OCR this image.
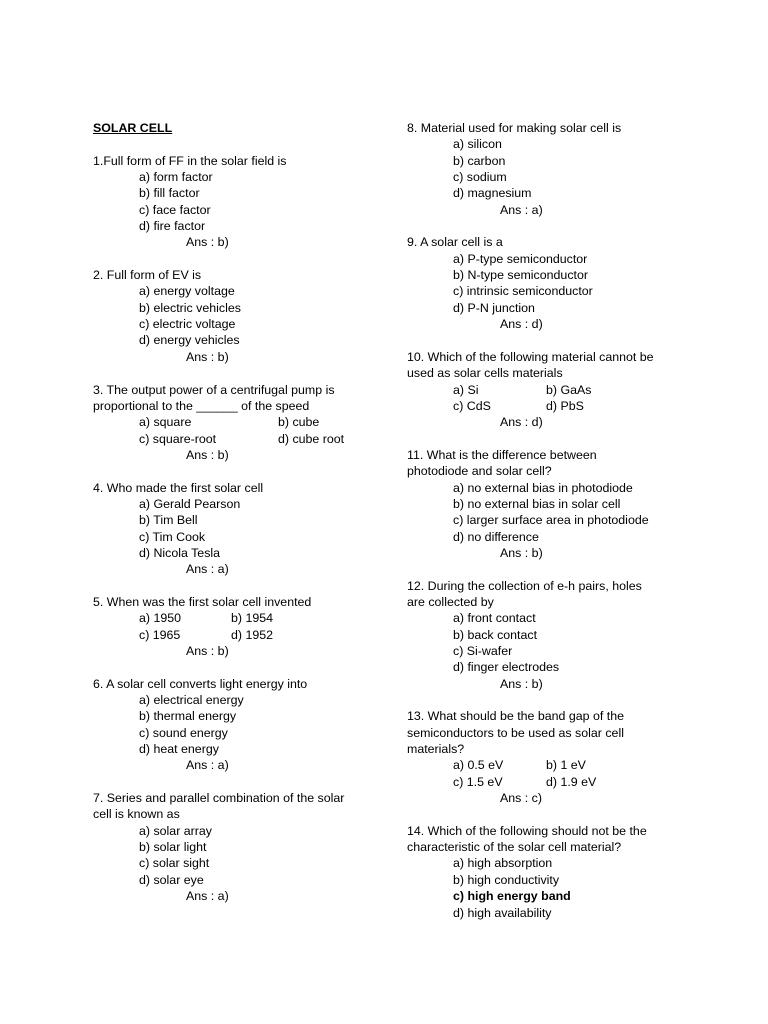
SOLAR CELL
1.Full form of FF in the solar field is
a) form factor
b) fill factor
c) face factor
d) fire factor
Ans : b)
2. Full form of EV is
a) energy voltage
b) electric vehicles
c) electric voltage
d) energy vehicles
Ans : b)
3. The output power of a centrifugal pump is
proportional to the ______ of the speed
a) square	b) cube
c) square-root	d) cube root
Ans : b)
4. Who made the first solar cell
a) Gerald Pearson
b) Tim Bell
c) Tim Cook
d) Nicola Tesla
Ans : a)
5. When was the first solar cell invented
a) 1950	b) 1954
c) 1965	d) 1952
Ans : b)
6. A solar cell converts light energy into
a) electrical energy
b) thermal energy
c) sound energy
d) heat energy
Ans : a)
7. Series and parallel combination of the solar
cell is known as
a) solar array
b) solar light
c) solar sight
d) solar eye
Ans : a)
8. Material used for making solar cell is
a) silicon
b) carbon
c) sodium
d) magnesium
Ans : a)
9. A solar cell is a
a) P-type semiconductor
b) N-type semiconductor
c) intrinsic semiconductor
d) P-N junction
Ans : d)
10. Which of the following material cannot be
used as solar cells materials
a) Si	b) GaAs
c) CdS	d) PbS
Ans : d)
11. What is the difference between
photodiode and solar cell?
a) no external bias in photodiode
b) no external bias in solar cell
c) larger surface area in photodiode
d) no difference
Ans : b)
12. During the collection of e-h pairs, holes
are collected by
a) front contact
b) back contact
c) Si-wafer
d) finger electrodes
Ans : b)
13. What should be the band gap of the
semiconductors to be used as solar cell
materials?
a) 0.5 eV	b) 1 eV
c) 1.5 eV	d) 1.9 eV
Ans : c)
14. Which of the following should not be the
characteristic of the solar cell material?
a) high absorption
b) high conductivity
c) high energy band
d) high availability
